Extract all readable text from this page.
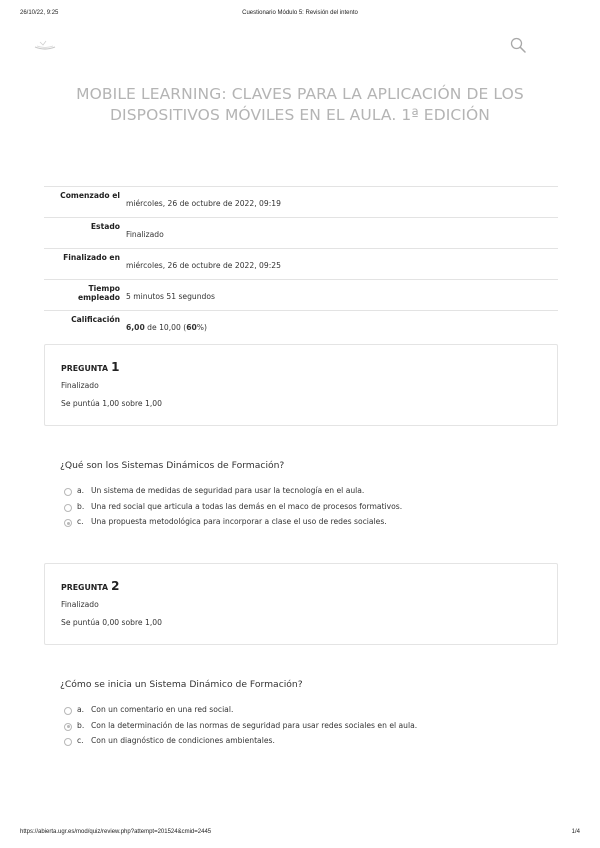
26/10/22, 9:25	Cuestionario Módulo 5: Revisión del intento
MOBILE LEARNING: CLAVES PARA LA APLICACIÓN DE LOS DISPOSITIVOS MÓVILES EN EL AULA. 1ª EDICIÓN
Comenzado el	miércoles, 26 de octubre de 2022, 09:19
Estado	Finalizado
Finalizado en	miércoles, 26 de octubre de 2022, 09:25
Tiempo empleado	5 minutos 51 segundos
Calificación	6,00 de 10,00 (60%)
PREGUNTA 1
Finalizado
Se puntúa 1,00 sobre 1,00
¿Qué son los Sistemas Dinámicos de Formación?
a. Un sistema de medidas de seguridad para usar la tecnología en el aula.
b. Una red social que articula a todas las demás en el maco de procesos formativos.
c. Una propuesta metodológica para incorporar a clase el uso de redes sociales.
PREGUNTA 2
Finalizado
Se puntúa 0,00 sobre 1,00
¿Cómo se inicia un Sistema Dinámico de Formación?
a. Con un comentario en una red social.
b. Con la determinación de las normas de seguridad para usar redes sociales en el aula.
c. Con un diagnóstico de condiciones ambientales.
https://abierta.ugr.es/mod/quiz/review.php?attempt=201524&cmid=2445	1/4
